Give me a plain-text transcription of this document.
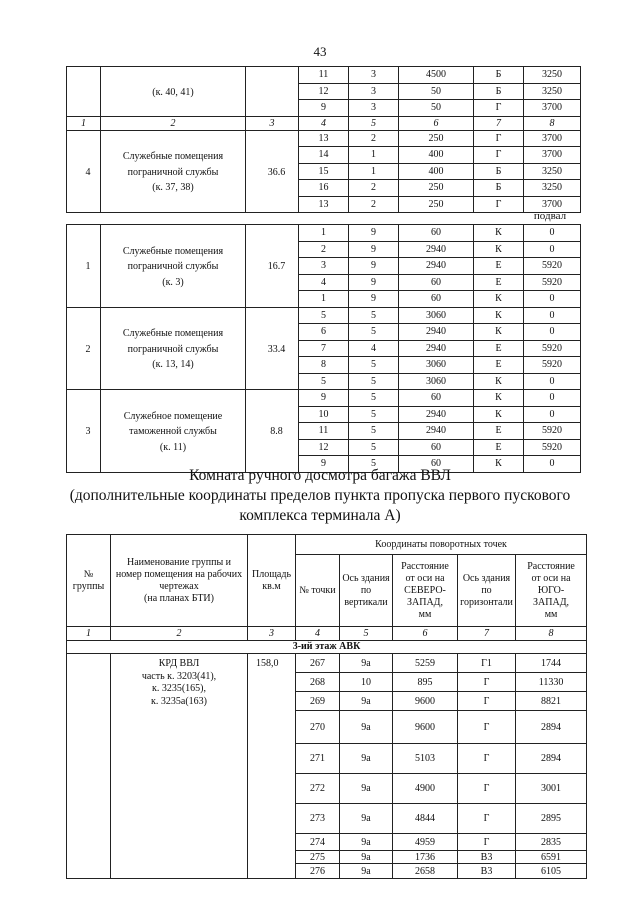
43
	(к. 40, 41)		11	3	4500	Б	3250
			12	3	50	Б	3250
			9	3	50	Г	3700
1	2	3	4	5	6	7	8
4	Служебные помещения
пограничной службы
(к. 37, 38)	36.6	13	2	250	Г	3700
			14	1	400	Г	3700
			15	1	400	Б	3250
			16	2	250	Б	3250
			13	2	250	Г	3700
подвал
1	Служебные помещения
пограничной службы
(к. 3)	16.7	1	9	60	К	0
			2	9	2940	К	0
			3	9	2940	Е	5920
			4	9	60	Е	5920
			1	9	60	К	0
2	Служебные помещения
пограничной службы
(к. 13, 14)	33.4	5	5	3060	К	0
			6	5	2940	К	0
			7	4	2940	Е	5920
			8	5	3060	Е	5920
			5	5	3060	К	0
3	Служебное помещение
таможенной службы
(к. 11)	8.8	9	5	60	К	0
			10	5	2940	К	0
			11	5	2940	Е	5920
			12	5	60	Е	5920
			9	5	60	К	0
Комната ручного досмотра багажа ВВЛ
(дополнительные координаты пределов пункта пропуска первого пускового
комплекса терминала А)
№
группы	Наименование группы и
номер помещения на рабочих
чертежах
(на планах БТИ)	Площадь
кв.м	Координаты поворотных точек				
			№ точки	Ось здания
по
вертикали	Расстояние
от оси на
СЕВЕРО-
ЗАПАД,
мм	Ось здания
по
горизонтали	Расстояние
от оси на
ЮГО-
ЗАПАД,
мм
1	2	3	4	5	6	7	8
3-ий этаж АВК							
	КРД ВВЛ
часть к. 3203(41),
к. 3235(165),
к. 3235а(163)	158,0	267	9а	5259	Г1	1744
			268	10	895	Г	11330
			269	9а	9600	Г	8821
			270	9а	9600	Г	2894
			271	9а	5103	Г	2894
			272	9а	4900	Г	3001
			273	9а	4844	Г	2895
			274	9а	4959	Г	2835
			275	9а	1736	В3	6591
			276	9а	2658	В3	6105
